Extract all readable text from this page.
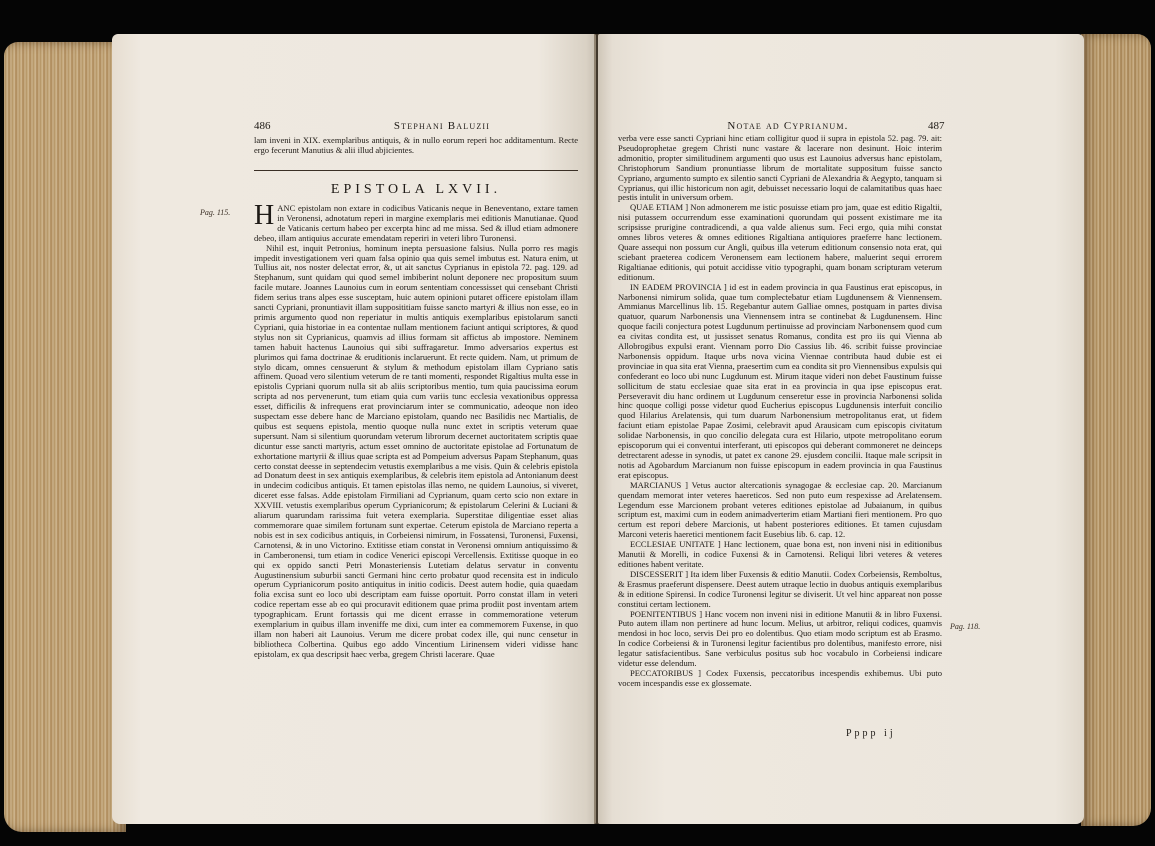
486	Stephani Baluzii

lam inveni in XIX. exemplaribus antiquis, & in nullo eorum reperi hoc additamentum. Recte ergo fecerunt Manutius & alii illud abjicientes.

EPISTOLA LXVII.
Pag. 115. HANC epistolam non extare in codicibus Vaticanis neque in Beneventano, extare tamen in Veronensi, adnotatum reperi in margine exemplaris mei editionis Manutianae. Quod de Vaticanis certum habeo per excerpta hinc ad me missa. Sed & illud etiam admonere debeo, illam antiquius accurate emendatam reperiri in veteri libro Turonensi.

Nihil est, inquit Petronius, hominum inepta persuasione falsius. Nulla porro res magis impedit investigationem veri quam falsa opinio qua quis semel imbutus est. Natura enim, ut Tullius ait, nos noster delectat error, &, ut ait sanctus Cyprianus in epistola 72. pag. 129. ad Stephanum, sunt quidam qui quod semel imbiberint nolunt deponere nec propositum suum facile mutare. Joannes Launoius cum in eorum sententiam concessisset qui censebant Christi fidem serius trans alpes esse susceptam, huic autem opinioni putaret officere epistolam illam sancti Cypriani, pronuntiavit illam supposititiam fuisse sancto martyri & illius non esse, eo in primis argumento quod non reperiatur in multis antiquis exemplaribus epistolarum sancti Cypriani, quia historiae in ea contentae nullam mentionem faciunt antiqui scriptores, & quod stylus non sit Cyprianicus, quamvis ad illius formam sit affictus ab impostore. Neminem tamen habuit hactenus Launoius qui sibi suffragaretur. Immo adversarios expertus est plurimos qui fama doctrinae & eruditionis inclaruerunt. Et recte quidem. Nam, ut primum de stylo dicam, omnes censuerunt & stylum & methodum epistolam illam Cypriano satis affinem. Quoad vero silentium veterum de re tanti momenti, respondet Rigaltius multa esse in epistolis Cypriani quorum nulla sit ab aliis scriptoribus mentio, tum quia paucissima eorum scripta ad nos pervenerunt, tum etiam quia cum variis tunc ecclesia vexationibus oppressa esset, difficilis & infrequens erat provinciarum inter se communicatio, adeoque non ideo suspectam esse debere hanc de Marciano epistolam, quando nec Basilidis nec Martialis, de quibus est sequens epistola, mentio quoque nulla nunc extet in scriptis veterum quae supersunt. Nam si silentium quorundam veterum librorum decernet auctoritatem scriptis quae dicuntur esse sancti martyris, actum esset omnino de auctoritate epistolae ad Fortunatum de exhortatione martyrii & illius quae scripta est ad Pompeium adversus Papam Stephanum, quas certo constat deesse in septendecim vetustis exemplaribus a me visis. Quin & celebris epistola ad Donatum deest in sex antiquis exemplaribus, & celebris item epistola ad Antonianum deest in undecim codicibus antiquis. Et tamen epistolas illas nemo, ne quidem Launoius, si viveret, diceret esse falsas. Adde epistolam Firmiliani ad Cyprianum, quam certo scio non extare in XXVIII. vetustis exemplaribus operum Cyprianicorum; & epistolarum Celerini & Luciani & aliarum quarundam rarissima fuit vetera exemplaria. Superstitae diligentiae esset alias commemorare quae similem fortunam sunt expertae. Ceterum epistola de Marciano reperta a nobis est in sex codicibus antiquis, in Corbeiensi nimirum, in Fossatensi, Turonensi, Fuxensi, Carnotensi, & in uno Victorino. Extitisse etiam constat in Veronensi omnium antiquissimo & in Camberonensi, tum etiam in codice Venerici episcopi Vercellensis. Extitisse quoque in eo qui ex oppido sancti Petri Monasteriensis Lutetiam delatus servatur in conventu Augustinensium suburbii sancti Germani hinc certo probatur quod recensita est in indiculo operum Cyprianicorum posito antiquitus in initio codicis. Deest autem hodie, quia quaedam folia excisa sunt eo loco ubi descriptam eam fuisse oportuit. Porro constat illam in veteri codice repertam esse ab eo qui procuravit editionem quae prima prodiit post inventam artem typographicam. Erunt fortassis qui me dicent errasse in commemoratione veterum exemplarium in quibus illam inveniffe me dixi, cum inter ea commemorem Fuxense, in quo illam non haberi ait Launoius. Verum me dicere probat codex ille, qui nunc censetur in bibliotheca Colbertina. Quibus ego addo Vincentium Lirinensem videri vidisse hanc epistolam, ex qua descripsit haec verba, gregem Christi lacerare. Quae

Notae ad Cyprianum.	487

verba vere esse sancti Cypriani hinc etiam colligitur quod ii supra in epistola 52. pag. 79. ait: Pseudoprophetae gregem Christi nunc vastare & lacerare non desinunt. Hoic interim admonitio, propter similitudinem argumenti quo usus est Launoius adversus hanc epistolam, Christophorum Sandium pronuntiasse librum de mortalitate suppositum fuisse sancto Cypriano, argumento sumpto ex silentio sancti Cypriani de Alexandria & Aegypto, tanquam si Cyprianus, qui illic historicum non agit, debuisset necessario loqui de calamitatibus quas haec pestis intulit in universum orbem.

QUAE ETIAM ] Non admonerem me istic posuisse etiam pro jam, quae est editio Rigaltii, nisi putassem occurrendum esse examinationi quorundam qui possent existimare me ita scripsisse prurigine contradicendi, a qua valde alienus sum. Feci ergo, quia mihi constat omnes libros veteres & omnes editiones Rigaltiana antiquiores praeferre hanc lectionem. Quare assequi non possum cur Angli, quibus illa veterum editionum consensio nota erat, qui sciebant praeterea codicem Veronensem eam lectionem habere, maluerint sequi errorem Rigaltianae editionis, qui potuit accidisse vitio typographi, quam bonam scripturam veterum editionum.

IN EADEM PROVINCIA ] id est in eadem provincia in qua Faustinus erat episcopus, in Narbonensi nimirum solida, quae tum complectebatur etiam Lugdunensem & Viennensem. Ammianus Marcellinus lib. 15. Regebantur autem Galliae omnes, postquam in partes divisa quatuor, quarum Narbonensis una Viennensem intra se continebat & Lugdunensem. Hinc quoque facili conjectura potest Lugdunum pertinuisse ad provinciam Narbonensem quod cum ea civitas condita est, ut jussisset senatus Romanus, condita est pro iis qui Vienna ab Allobrogibus expulsi erant. Viennam porro Dio Cassius lib. 46. scribit fuisse provinciae Narbonensis oppidum. Itaque urbs nova vicina Viennae contributa haud dubie est ei provinciae in qua sita erat Vienna, praesertim cum ea condita sit pro Viennensibus expulsis qui confederant eo loco ubi nunc Lugdunum est. Mirum itaque videri non debet Faustinum fuisse sollicitum de statu ecclesiae quae sita erat in ea provincia in qua ipse episcopus erat. Perseveravit diu hanc ordinem ut Lugdunum censeretur esse in provincia Narbonensi solida hinc quoque colligi posse videtur quod Eucherius episcopus Lugdunensis interfuit concilio quod Hilarius Arelatensis, qui tum duarum Narbonensium metropolitanus erat, ut fidem faciunt etiam epistolae Papae Zosimi, celebravit apud Arausicam cum episcopis civitatum solidae Narbonensis, in quo concilio delegata cura est Hilario, utpote metropolitano eorum episcoporum qui ei conventui interferant, uti episcopos qui deberant commoneret ne deinceps detrectarent adesse in synodis, ut patet ex canone 29. ejusdem concilii. Itaque male scripsit in notis ad Agobardum Marcianum non fuisse episcopum in eadem provincia in qua Faustinus erat episcopus.

MARCIANUS ] Vetus auctor altercationis synagogae & ecclesiae cap. 20. Marcianum quendam memorat inter veteres haereticos. Sed non puto eum respexisse ad Arelatensem. Legendum esse Marcionem probant veteres editiones epistolae ad Jubaianum, in quibus scriptum est, maximi cum in eodem animadverterim etiam Martiani fieri mentionem. Pro quo certum est repori debere Marcionis, ut habent posteriores editiones. Et tamen cujusdam Marconi veteris haeretici mentionem facit Eusebius lib. 6. cap. 12.

ECCLESIAE UNITATE ] Hanc lectionem, quae bona est, non inveni nisi in editionibus Manutii & Morelli, in codice Fuxensi & in Carnotensi. Reliqui libri veteres & veteres editiones habent veritate.

DISCESSERIT ] Ita idem liber Fuxensis & editio Manutii. Codex Corbeiensis, Remboltus, & Erasmus praeferunt dispensere. Deest autem utraque lectio in duobus antiquis exemplaribus & in editione Spirensi. In codice Turonensi legitur se diviserit. Ut vel hinc appareat non posse constitui certam lectionem.

POENITENTIBUS ] Hanc vocem non inveni nisi in editione Manutii & in libro Fuxensi. Puto autem illam non pertinere ad hunc locum. Melius, ut arbitror, reliqui codices, quamvis mendosi in hoc loco, servis Dei pro eo dolentibus. Quo etiam modo scriptum est ab Erasmo. In codice Corbeiensi & in Turonensi legitur facientibus pro dolentibus, manifesto errore, nisi legatur satisfacientibus. Sane verbiculus positus sub hoc vocabulo in Corbeiensi indicare videtur esse delendum.

PECCATORIBUS ] Codex Fuxensis, peccatoribus incespendis exhibemus. Ubi puto vocem incespandis esse ex glossemate.

Pag. 118.
Pppp ij
